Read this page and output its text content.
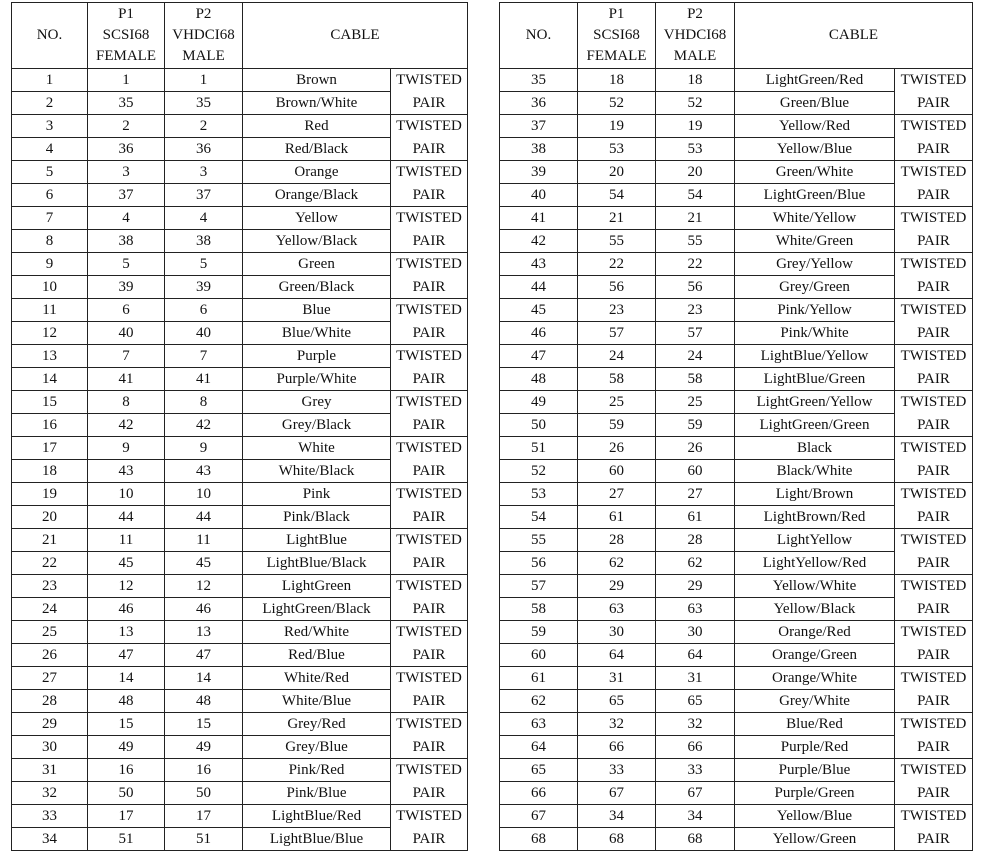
NO.	P1
SCSI68
FEMALE	P2
VHDCI68
MALE	CABLE	
1	1	1	Brown	TWISTED
2	35	35	Brown/White	PAIR
3	2	2	Red	TWISTED
4	36	36	Red/Black	PAIR
5	3	3	Orange	TWISTED
6	37	37	Orange/Black	PAIR
7	4	4	Yellow	TWISTED
8	38	38	Yellow/Black	PAIR
9	5	5	Green	TWISTED
10	39	39	Green/Black	PAIR
11	6	6	Blue	TWISTED
12	40	40	Blue/White	PAIR
13	7	7	Purple	TWISTED
14	41	41	Purple/White	PAIR
15	8	8	Grey	TWISTED
16	42	42	Grey/Black	PAIR
17	9	9	White	TWISTED
18	43	43	White/Black	PAIR
19	10	10	Pink	TWISTED
20	44	44	Pink/Black	PAIR
21	11	11	LightBlue	TWISTED
22	45	45	LightBlue/Black	PAIR
23	12	12	LightGreen	TWISTED
24	46	46	LightGreen/Black	PAIR
25	13	13	Red/White	TWISTED
26	47	47	Red/Blue	PAIR
27	14	14	White/Red	TWISTED
28	48	48	White/Blue	PAIR
29	15	15	Grey/Red	TWISTED
30	49	49	Grey/Blue	PAIR
31	16	16	Pink/Red	TWISTED
32	50	50	Pink/Blue	PAIR
33	17	17	LightBlue/Red	TWISTED
34	51	51	LightBlue/Blue	PAIR
NO.	P1
SCSI68
FEMALE	P2
VHDCI68
MALE	CABLE	
35	18	18	LightGreen/Red	TWISTED
36	52	52	Green/Blue	PAIR
37	19	19	Yellow/Red	TWISTED
38	53	53	Yellow/Blue	PAIR
39	20	20	Green/White	TWISTED
40	54	54	LightGreen/Blue	PAIR
41	21	21	White/Yellow	TWISTED
42	55	55	White/Green	PAIR
43	22	22	Grey/Yellow	TWISTED
44	56	56	Grey/Green	PAIR
45	23	23	Pink/Yellow	TWISTED
46	57	57	Pink/White	PAIR
47	24	24	LightBlue/Yellow	TWISTED
48	58	58	LightBlue/Green	PAIR
49	25	25	LightGreen/Yellow	TWISTED
50	59	59	LightGreen/Green	PAIR
51	26	26	Black	TWISTED
52	60	60	Black/White	PAIR
53	27	27	Light/Brown	TWISTED
54	61	61	LightBrown/Red	PAIR
55	28	28	LightYellow	TWISTED
56	62	62	LightYellow/Red	PAIR
57	29	29	Yellow/White	TWISTED
58	63	63	Yellow/Black	PAIR
59	30	30	Orange/Red	TWISTED
60	64	64	Orange/Green	PAIR
61	31	31	Orange/White	TWISTED
62	65	65	Grey/White	PAIR
63	32	32	Blue/Red	TWISTED
64	66	66	Purple/Red	PAIR
65	33	33	Purple/Blue	TWISTED
66	67	67	Purple/Green	PAIR
67	34	34	Yellow/Blue	TWISTED
68	68	68	Yellow/Green	PAIR
